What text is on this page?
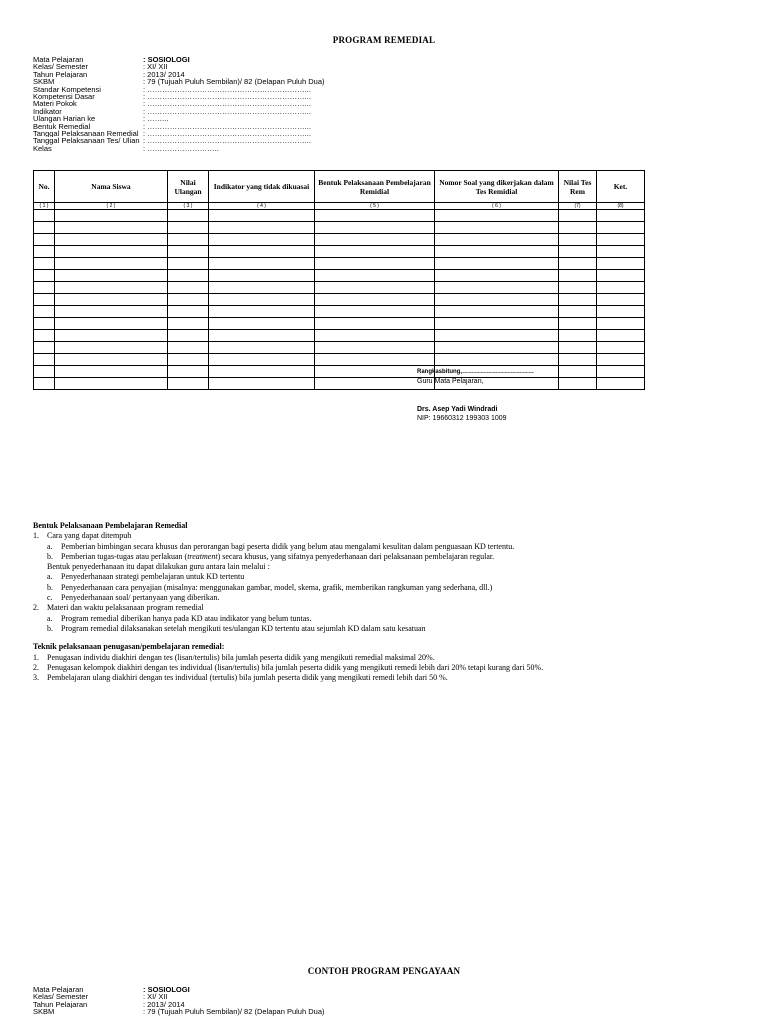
PROGRAM REMEDIAL
Mata Pelajaran	: SOSIOLOGI
Kelas/ Semester	: XI/ XII
Tahun Pelajaran	: 2013/ 2014
SKBM	: 79 (Tujuah Puluh Sembilan)/ 82 (Delapan Puluh Dua)
Standar Kompetensi	: ………………………………………………………...
Kompetensi Dasar	: ………………………………………………………...
Materi Pokok	: ………………………………………………………...
Indikator	: ………………………………………………………...
Ulangan Harian ke	: ……...
Bentuk Remedial	: ………………………………………………………...
Tanggal Pelaksanaan Remedial : ………………………………………………………...
Tanggal Pelaksanaan Tes/ Ulian : ………………………………………………………...
Kelas	: ………………………..
No.	Nama Siswa	Nilai Ulangan	Indikator yang tidak dikuasai	Bentuk Pelaksanaan Pembelajaran Remidial	Nomor Soal yang dikerjakan dalam Tes Remidial	Nilai Tes Rem	Ket.
( 1 )	( 2 )	( 3 )	( 4 )	( 5 )	( 6 )	(7)	(8)

Rangkasbitung,………………………………
Guru Mata Pelajaran,
Drs. Asep Yadi Windradi
NIP: 19660312 199303 1009
Bentuk Pelaksanaan Pembelajaran Remedial
1.	Cara yang dapat ditempuh
a.	Pemberian bimbingan secara khusus dan perorangan bagi peserta didik yang belum atau mengalami kesulitan dalam penguasaan KD tertentu.
b.	Pemberian tugas-tugas atau perlakuan (treatment) secara khusus, yang sifatnya penyederhanaan dari pelaksanaan pembelajaran regular.
Bentuk penyederhanaan itu dapat dilakukan guru antara lain melalui :
a.	Penyederhanaan strategi pembelajaran untuk KD tertentu
b.	Penyederhanaan cara penyajian (misalnya: menggunakan gambar, model, skema, grafik, memberikan rangkuman yang sederhana, dll.)
c.	Penyederhanaan soal/ pertanyaan yang diberikan.
2.	Materi dan waktu pelaksanaan program remedial
a.	Program remedial diberikan hanya pada KD atau indikator yang belum tuntas.
b.	Program remedial dilaksanakan setelah mengikuti tes/ulangan KD tertentu atau sejumlah KD dalam satu kesatuan
Teknik pelaksanaan penugasan/pembelajaran remedial:
1.	Penugasan individu diakhiri dengan tes (lisan/tertulis) bila jumlah peserta didik yang mengikuti remedial maksimal 20%.
2.	Penugasan kelompok diakhiri dengan tes individual (lisan/tertulis) bila jumlah peserta didik yang mengikuti remedi lebih dari 20% tetapi kurang dari 50%.
3.	Pembelajaran ulang diakhiri dengan tes individual (tertulis) bila jumlah peserta didik yang mengikuti remedi lebih dari 50 %.
CONTOH PROGRAM PENGAYAAN
Mata Pelajaran	: SOSIOLOGI
Kelas/ Semester	: XI/ XII
Tahun Pelajaran	: 2013/ 2014
SKBM	: 79 (Tujuah Puluh Sembilan)/ 82 (Delapan Puluh Dua)
